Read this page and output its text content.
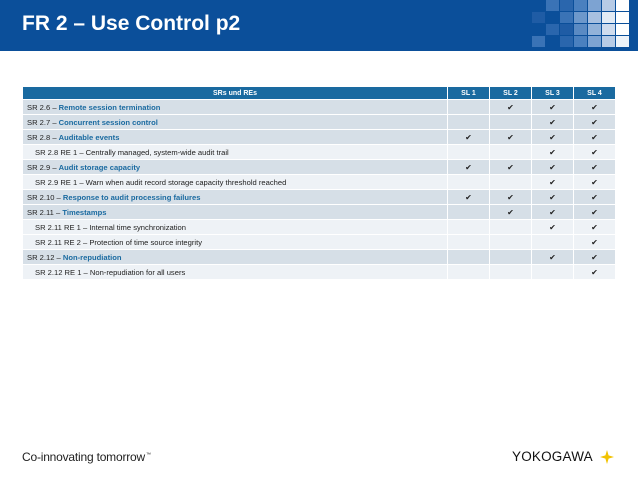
FR 2 – Use Control p2
SRs und REs	SL 1	SL 2	SL 3	SL 4
SR 2.6 – Remote session termination		✔	✔	✔
SR 2.7 – Concurrent session control			✔	✔
SR 2.8 – Auditable events	✔	✔	✔	✔
SR 2.8 RE 1 – Centrally managed, system-wide audit trail			✔	✔
SR 2.9 – Audit storage capacity	✔	✔	✔	✔
SR 2.9 RE 1 – Warn when audit record storage capacity threshold reached			✔	✔
SR 2.10 – Response to audit processing failures	✔	✔	✔	✔
SR 2.11 – Timestamps		✔	✔	✔
SR 2.11 RE 1 – Internal time synchronization			✔	✔
SR 2.11 RE 2 – Protection of time source integrity				✔
SR 2.12 – Non-repudiation			✔	✔
SR 2.12 RE 1 – Non-repudiation for all users				✔
Co-innovating tomorrow™	YOKOGAWA
